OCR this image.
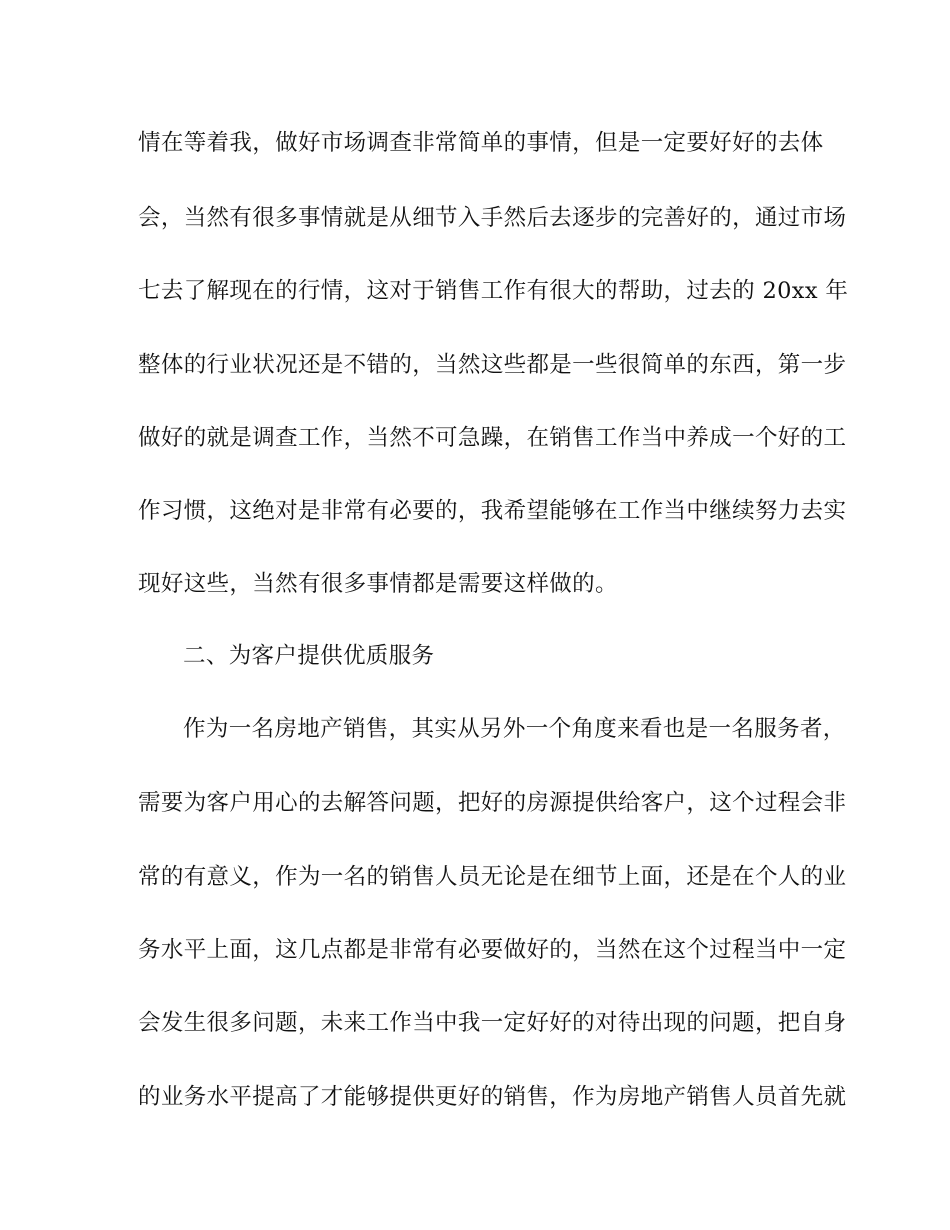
情在等着我，做好市场调查非常简单的事情，但是一定要好好的去体
会，当然有很多事情就是从细节入手然后去逐步的完善好的，通过市场
七去了解现在的行情，这对于销售工作有很大的帮助，过去的 20xx 年
整体的行业状况还是不错的，当然这些都是一些很简单的东西，第一步
做好的就是调查工作，当然不可急躁，在销售工作当中养成一个好的工
作习惯，这绝对是非常有必要的，我希望能够在工作当中继续努力去实
现好这些，当然有很多事情都是需要这样做的。
二、为客户提供优质服务
作为一名房地产销售，其实从另外一个角度来看也是一名服务者，
需要为客户用心的去解答问题，把好的房源提供给客户，这个过程会非
常的有意义，作为一名的销售人员无论是在细节上面，还是在个人的业
务水平上面，这几点都是非常有必要做好的，当然在这个过程当中一定
会发生很多问题，未来工作当中我一定好好的对待出现的问题，把自身
的业务水平提高了才能够提供更好的销售，作为房地产销售人员首先就
